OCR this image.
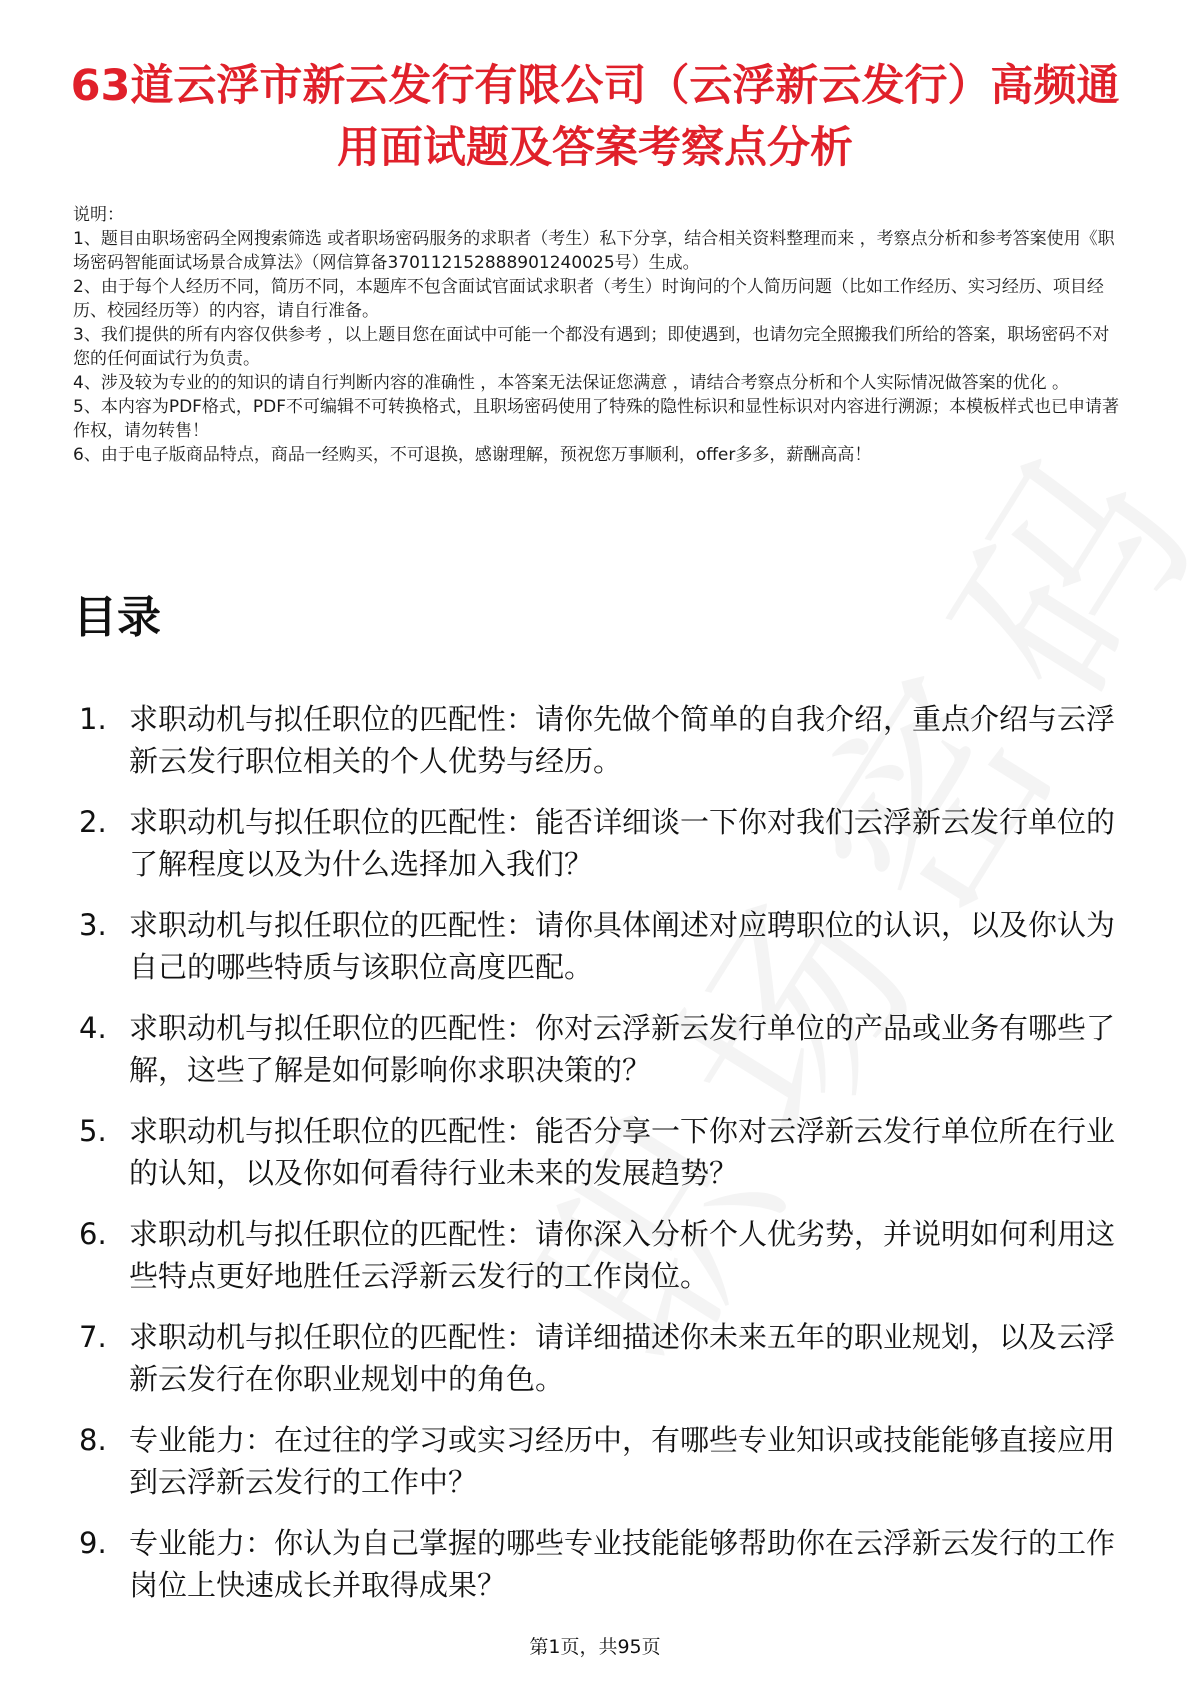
63道云浮市新云发行有限公司（云浮新云发行）高频通用面试题及答案考察点分析
说明：
1、题目由职场密码全网搜索筛选 或者职场密码服务的求职者（考生）私下分享，结合相关资料整理而来 ，考察点分析和参考答案使用《职场密码智能面试场景合成算法》（网信算备370112152888901240025号）生成。
2、由于每个人经历不同，简历不同，本题库不包含面试官面试求职者（考生）时询问的个人简历问题（比如工作经历、实习经历、项目经历、校园经历等）的内容，请自行准备。
3、我们提供的所有内容仅供参考 ，以上题目您在面试中可能一个都没有遇到；即使遇到，也请勿完全照搬我们所给的答案，职场密码不对您的任何面试行为负责。
4、涉及较为专业的的知识的请自行判断内容的准确性 ，本答案无法保证您满意 ，请结合考察点分析和个人实际情况做答案的优化 。
5、本内容为PDF格式，PDF不可编辑不可转换格式，且职场密码使用了特殊的隐性标识和显性标识对内容进行溯源；本模板样式也已申请著作权，请勿转售！
6、由于电子版商品特点，商品一经购买，不可退换，感谢理解，预祝您万事顺利，offer多多，薪酬高高！
目录
1. 求职动机与拟任职位的匹配性：请你先做个简单的自我介绍，重点介绍与云浮新云发行职位相关的个人优势与经历。
2. 求职动机与拟任职位的匹配性：能否详细谈一下你对我们云浮新云发行单位的了解程度以及为什么选择加入我们？
3. 求职动机与拟任职位的匹配性：请你具体阐述对应聘职位的认识，以及你认为自己的哪些特质与该职位高度匹配。
4. 求职动机与拟任职位的匹配性：你对云浮新云发行单位的产品或业务有哪些了解，这些了解是如何影响你求职决策的？
5. 求职动机与拟任职位的匹配性：能否分享一下你对云浮新云发行单位所在行业的认知，以及你如何看待行业未来的发展趋势？
6. 求职动机与拟任职位的匹配性：请你深入分析个人优劣势，并说明如何利用这些特点更好地胜任云浮新云发行的工作岗位。
7. 求职动机与拟任职位的匹配性：请详细描述你未来五年的职业规划，以及云浮新云发行在你职业规划中的角色。
8. 专业能力：在过往的学习或实习经历中，有哪些专业知识或技能能够直接应用到云浮新云发行的工作中？
9. 专业能力：你认为自己掌握的哪些专业技能能够帮助你在云浮新云发行的工作岗位上快速成长并取得成果？
第1页，共95页
